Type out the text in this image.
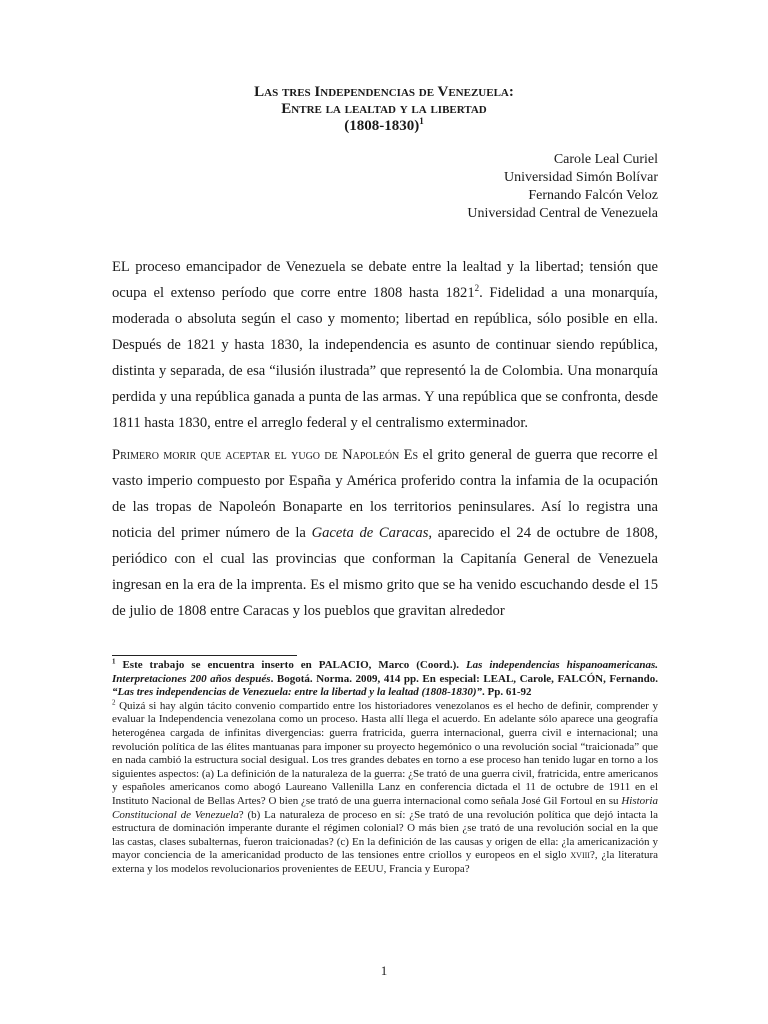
Las tres Independencias de Venezuela:
Entre la lealtad y la libertad
(1808-1830)$^1$
Carole Leal Curiel
Universidad Simón Bolívar
Fernando Falcón Veloz
Universidad Central de Venezuela

EL proceso emancipador de Venezuela se debate entre la lealtad y la libertad; tensión que ocupa el extenso período que corre entre 1808 hasta 1821$^2$. Fidelidad a una monarquía, moderada o absoluta según el caso y momento; libertad en república, sólo posible en ella. Después de 1821 y hasta 1830, la independencia es asunto de continuar siendo república, distinta y separada, de esa “ilusión ilustrada” que representó la de Colombia. Una monarquía perdida y una república ganada a punta de las armas. Y una república que se confronta, desde 1811 hasta 1830, entre el arreglo federal y el centralismo exterminador.

Primero morir que aceptar el yugo de Napoleón Es el grito general de guerra que recorre el vasto imperio compuesto por España y América proferido contra la infamia de la ocupación de las tropas de Napoleón Bonaparte en los territorios peninsulares. Así lo registra una noticia del primer número de la Gaceta de Caracas, aparecido el 24 de octubre de 1808, periódico con el cual las provincias que conforman la Capitanía General de Venezuela ingresan en la era de la imprenta. Es el mismo grito que se ha venido escuchando desde el 15 de julio de 1808 entre Caracas y los pueblos que gravitan alrededor

$^1$ Este trabajo se encuentra inserto en PALACIO, Marco (Coord.). Las independencias hispanoamericanas. Interpretaciones 200 años después. Bogotá. Norma. 2009, 414 pp. En especial: LEAL, Carole, FALCÓN, Fernando. “Las tres independencias de Venezuela: entre la libertad y la lealtad (1808-1830)”. Pp. 61-92
$^2$ Quizá si hay algún tácito convenio compartido entre los historiadores venezolanos es el hecho de definir, comprender y evaluar la Independencia venezolana como un proceso. Hasta allí llega el acuerdo. En adelante sólo aparece una geografía heterogénea cargada de infinitas divergencias: guerra fratricida, guerra internacional, guerra civil e internacional; una revolución política de las élites mantuanas para imponer su proyecto hegemónico o una revolución social “traicionada” que en nada cambió la estructura social desigual. Los tres grandes debates en torno a ese proceso han tenido lugar en torno a los siguientes aspectos: (a) La definición de la naturaleza de la guerra: ¿Se trató de una guerra civil, fratricida, entre americanos y españoles americanos como abogó Laureano Vallenilla Lanz en conferencia dictada el 11 de octubre de 1911 en el Instituto Nacional de Bellas Artes? O bien ¿se trató de una guerra internacional como señala José Gil Fortoul en su Historia Constitucional de Venezuela? (b) La naturaleza de proceso en sí: ¿Se trató de una revolución política que dejó intacta la estructura de dominación imperante durante el régimen colonial? O más bien ¿se trató de una revolución social en la que las castas, clases subalternas, fueron traicionadas? (c) En la definición de las causas y origen de ella: ¿la americanización y mayor conciencia de la americanidad producto de las tensiones entre criollos y europeos en el siglo xviii?, ¿la literatura externa y los modelos revolucionarios provenientes de EEUU, Francia y Europa?
1
